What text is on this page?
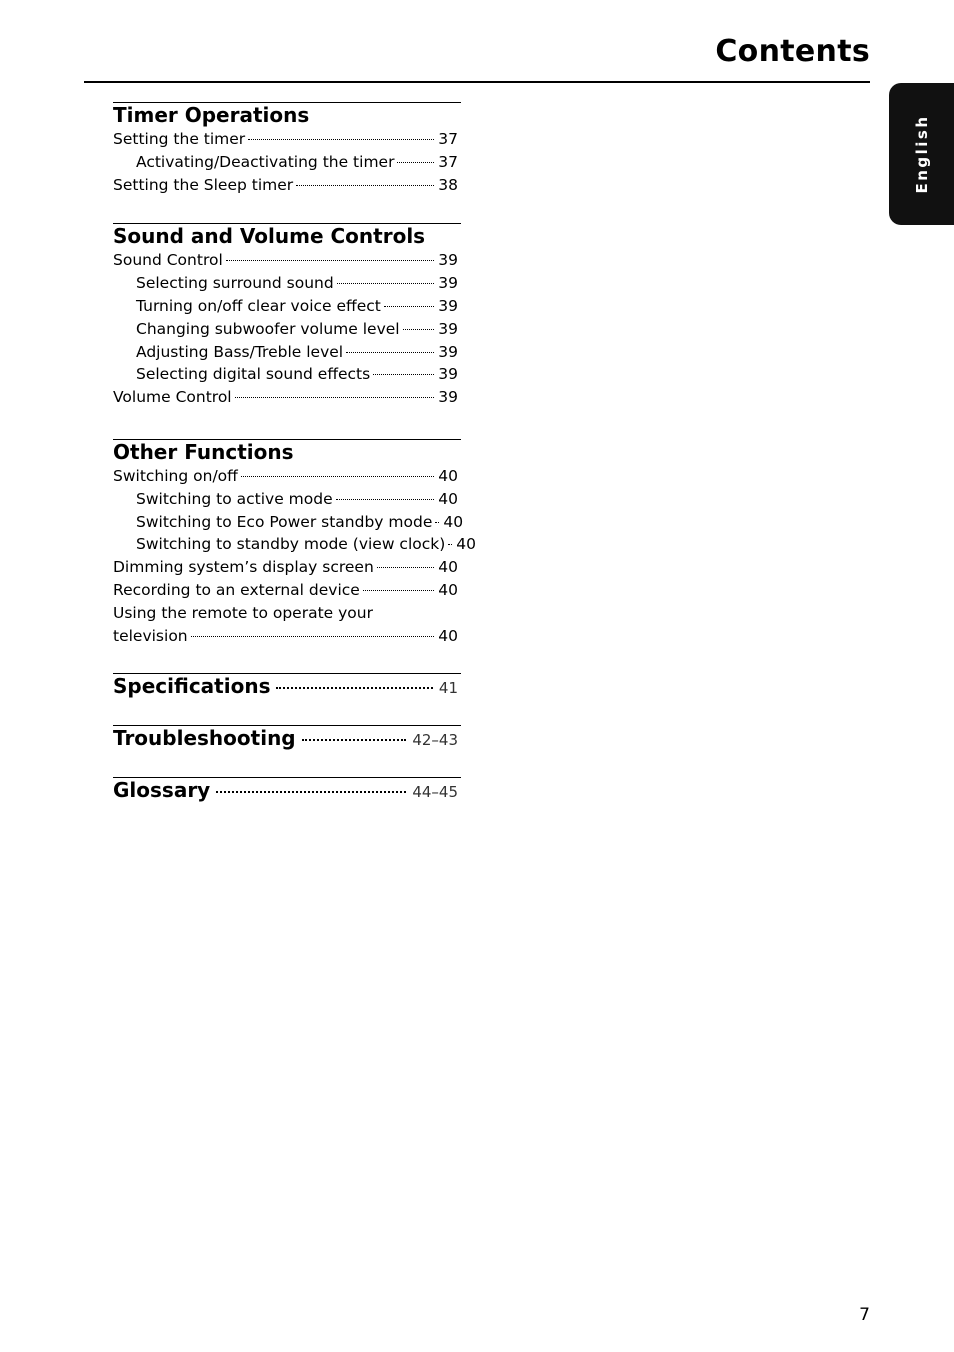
Contents
English
Timer Operations
Setting the timer	37
Activating/Deactivating the timer	37
Setting the Sleep timer	38
Sound and Volume Controls
Sound Control	39
Selecting surround sound	39
Turning on/off clear voice effect	39
Changing subwoofer volume level 39
Adjusting Bass/Treble level	39
Selecting digital sound effects	39
Volume Control	39
Other Functions
Switching on/off	40
Switching to active mode	40
Switching to Eco Power standby mode 40
Switching to standby mode (view clock) 40
Dimming system’s display screen	40
Recording to an external device	40
Using the remote to operate your
television	40
Specifications	41
Troubleshooting	42–43
Glossary	44–45
7
